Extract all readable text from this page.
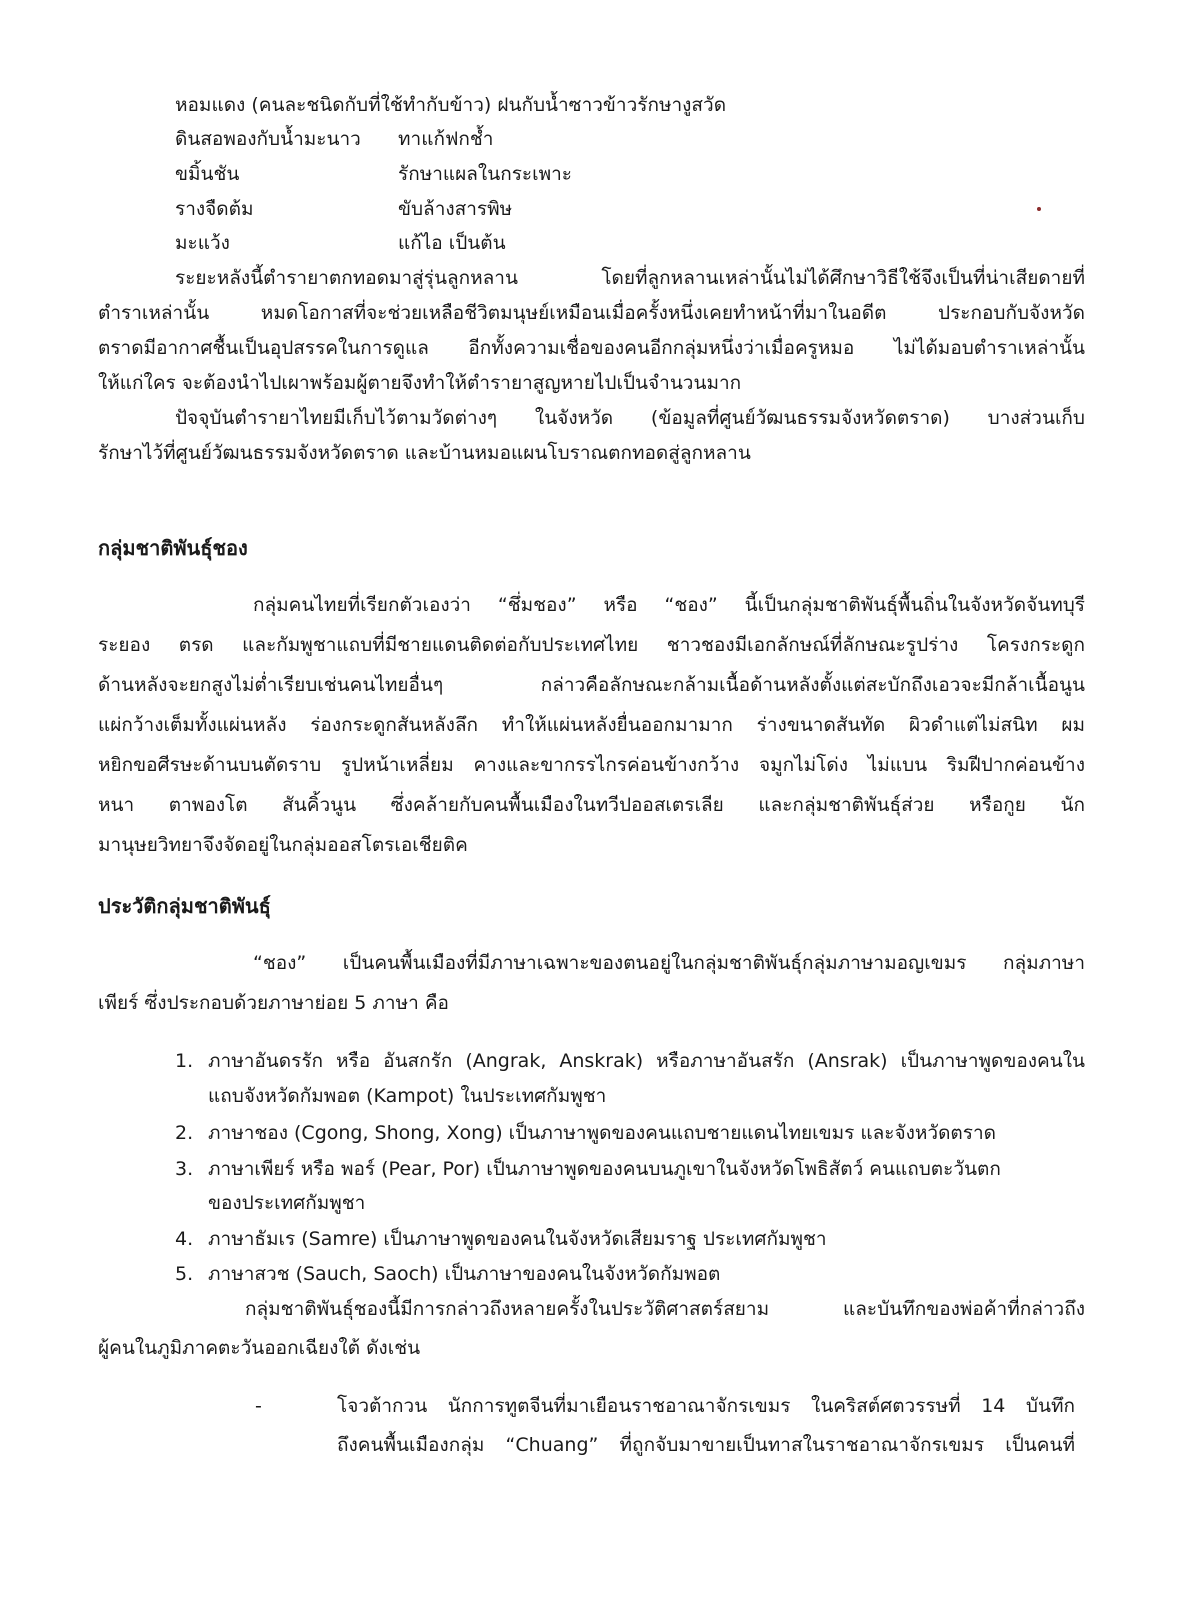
หอมแดง (คนละชนิดกับที่ใช้ทำกับข้าว) ฝนกับน้ำซาวข้าวรักษางูสวัด
ดินสอพองกับน้ำมะนาว ทาแก้ฟกช้ำ
ขมิ้นชัน	รักษาแผลในกระเพาะ
รางจืดต้ม	ขับล้างสารพิษ
มะแว้ง	แก้ไอ เป็นต้น
ระยะหลังนี้ตำรายาตกทอดมาสู่รุ่นลูกหลาน โดยที่ลูกหลานเหล่านั้นไม่ได้ศึกษาวิธีใช้จึงเป็นที่น่าเสียดายที่
ตำราเหล่านั้น หมดโอกาสที่จะช่วยเหลือชีวิตมนุษย์เหมือนเมื่อครั้งหนึ่งเคยทำหน้าที่มาในอดีต ประกอบกับจังหวัด
ตราดมีอากาศชื้นเป็นอุปสรรคในการดูแล อีกทั้งความเชื่อของคนอีกกลุ่มหนึ่งว่าเมื่อครูหมอ ไม่ได้มอบตำราเหล่านั้น
ให้แก่ใคร จะต้องนำไปเผาพร้อมผู้ตายจึงทำให้ตำรายาสูญหายไปเป็นจำนวนมาก
ปัจจุบันตำรายาไทยมีเก็บไว้ตามวัดต่างๆ ในจังหวัด (ข้อมูลที่ศูนย์วัฒนธรรมจังหวัดตราด) บางส่วนเก็บ
รักษาไว้ที่ศูนย์วัฒนธรรมจังหวัดตราด และบ้านหมอแผนโบราณตกทอดสู่ลูกหลาน
กลุ่มชาติพันธุ์ชอง
กลุ่มคนไทยที่เรียกตัวเองว่า “ชึ่มชอง” หรือ “ชอง” นี้เป็นกลุ่มชาติพันธุ์พื้นถิ่นในจังหวัดจันทบุรี
ระยอง ตรด และกัมพูชาแถบที่มีชายแดนติดต่อกับประเทศไทย ชาวชองมีเอกลักษณ์ที่ลักษณะรูปร่าง โครงกระดูก
ด้านหลังจะยกสูงไม่ต่ำเรียบเช่นคนไทยอื่นๆ กล่าวคือลักษณะกล้ามเนื้อด้านหลังตั้งแต่สะบักถึงเอวจะมีกล้าเนื้อนูน
แผ่กว้างเต็มทั้งแผ่นหลัง ร่องกระดูกสันหลังลึก ทำให้แผ่นหลังยื่นออกมามาก ร่างขนาดสันทัด ผิวดำแต่ไม่สนิท ผม
หยิกขอศีรษะด้านบนตัดราบ รูปหน้าเหลี่ยม คางและขากรรไกรค่อนข้างกว้าง จมูกไม่โด่ง ไม่แบน ริมฝีปากค่อนข้าง
หนา ตาพองโต สันคิ้วนูน ซึ่งคล้ายกับคนพื้นเมืองในทวีปออสเตรเลีย และกลุ่มชาติพันธุ์ส่วย หรือกูย นัก
มานุษยวิทยาจึงจัดอยู่ในกลุ่มออสโตรเอเชียติค
ประวัติกลุ่มชาติพันธุ์
“ชอง” เป็นคนพื้นเมืองที่มีภาษาเฉพาะของตนอยู่ในกลุ่มชาติพันธุ์กลุ่มภาษามอญเขมร กลุ่มภาษา
เพียร์ ซึ่งประกอบด้วยภาษาย่อย 5 ภาษา คือ
1. ภาษาอันดรรัก หรือ อันสกรัก (Angrak, Anskrak) หรือภาษาอันสรัก (Ansrak) เป็นภาษาพูดของคนใน
แถบจังหวัดกัมพอต (Kampot) ในประเทศกัมพูชา
2. ภาษาชอง (Cgong, Shong, Xong) เป็นภาษาพูดของคนแถบชายแดนไทยเขมร และจังหวัดตราด
3. ภาษาเพียร์ หรือ พอร์ (Pear, Por) เป็นภาษาพูดของคนบนภูเขาในจังหวัดโพธิสัตว์ คนแถบตะวันตก
ของประเทศกัมพูชา
4. ภาษาธัมเร (Samre) เป็นภาษาพูดของคนในจังหวัดเสียมราฐ ประเทศกัมพูชา
5. ภาษาสวช (Sauch, Saoch) เป็นภาษาของคนในจังหวัดกัมพอต
กลุ่มชาติพันธุ์ชองนี้มีการกล่าวถึงหลายครั้งในประวัติศาสตร์สยาม และบันทึกของพ่อค้าที่กล่าวถึง
ผู้คนในภูมิภาคตะวันออกเฉียงใต้ ดังเช่น
-	โจวต้ากวน นักการทูตจีนที่มาเยือนราชอาณาจักรเขมร ในคริสต์ศตวรรษที่ 14 บันทึก
ถึงคนพื้นเมืองกลุ่ม “Chuang” ที่ถูกจับมาขายเป็นทาสในราชอาณาจักรเขมร เป็นคนที่
